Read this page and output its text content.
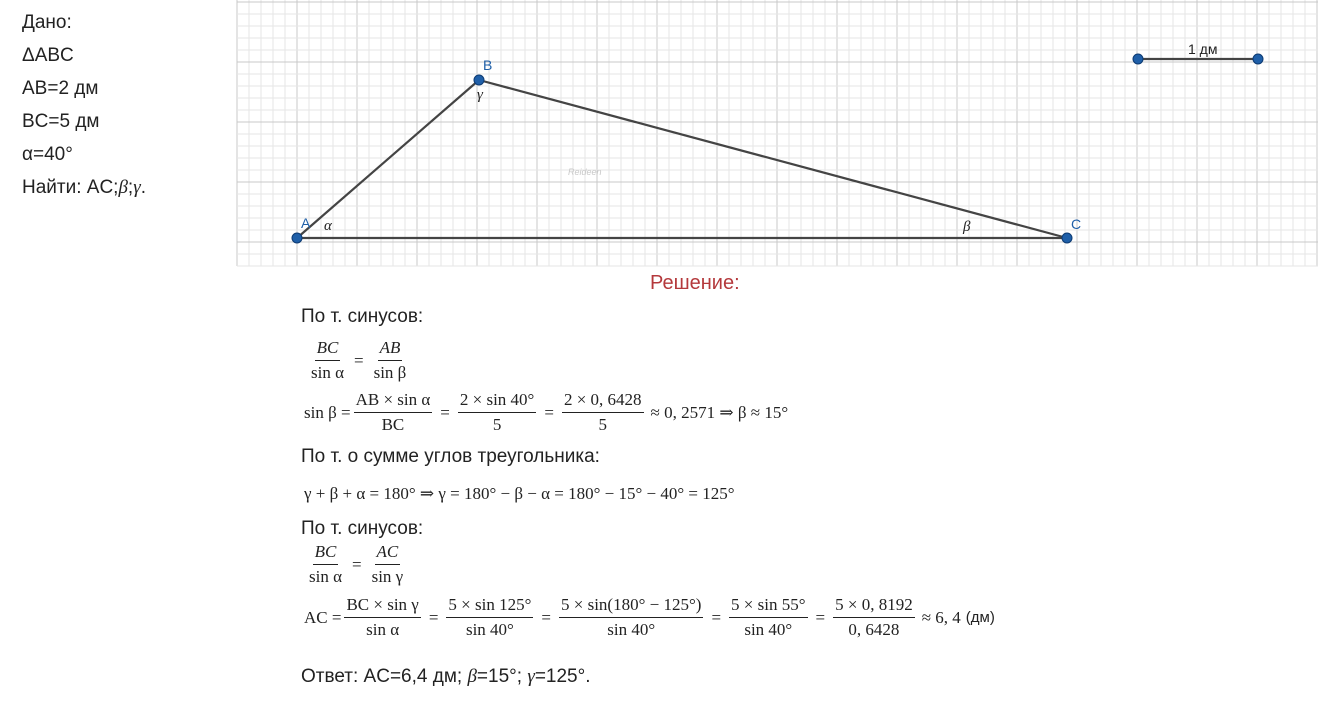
Дано:
ΔABC
AB=2 дм
BC=5 дм
α=40°
Найти: AC;β;γ.
Reideen
A
B
C
α
γ
β
1 дм
Решение:
По т. синусов:
$\frac{BC}{\text{sin α}} = \frac{AB}{\text{sin β}}$
$\sin \beta = \frac{\text{AB × sin α}}{BC} = \frac{2 \times \sin 40^\circ}{5} = \frac{2 \times 0, 6428}{5} \approx 0$, 2571 ⇒ β ≈ 15°
По т. о сумме углов треугольника:
γ + β + α = 180° ⇒ γ = 180° − β − α = 180° − 15° − 40° = 125°
По т. синусов:
$\frac{BC}{\text{sin α}} = \frac{AC}{\text{sin γ}}$
AC = $\frac{\text{BC × sin γ}}{\text{sin α}} = \frac{5 \times \sin 125^\circ}{\sin 40^\circ} = \frac{5 \times \sin(180^\circ - 125^\circ)}{\sin 40^\circ} = \frac{5 \times \sin 55^\circ}{\sin 40^\circ} = \frac{5 \times 0, 8192}{0, 6428} \approx 6$, 4 (дм)
Ответ: AC=6,4 дм; β=15°; γ=125°.
